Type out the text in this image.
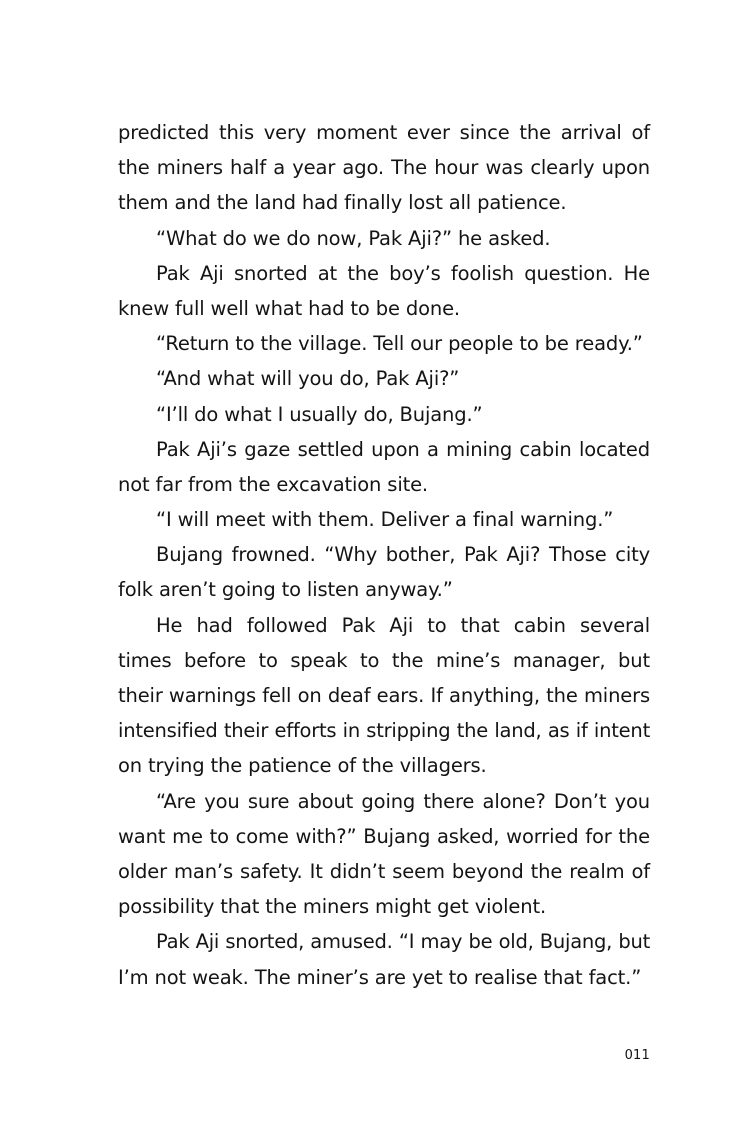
predicted this very moment ever since the arrival of
the miners half a year ago. The hour was clearly upon
them and the land had finally lost all patience.
“What do we do now, Pak Aji?” he asked.
Pak Aji snorted at the boy’s foolish question. He
knew full well what had to be done.
“Return to the village. Tell our people to be ready.”
“And what will you do, Pak Aji?”
“I’ll do what I usually do, Bujang.”
Pak Aji’s gaze settled upon a mining cabin located
not far from the excavation site.
“I will meet with them. Deliver a final warning.”
Bujang frowned. “Why bother, Pak Aji? Those city
folk aren’t going to listen anyway.”
He had followed Pak Aji to that cabin several
times before to speak to the mine’s manager, but
their warnings fell on deaf ears. If anything, the miners
intensified their efforts in stripping the land, as if intent
on trying the patience of the villagers.
“Are you sure about going there alone? Don’t you
want me to come with?” Bujang asked, worried for the
older man’s safety. It didn’t seem beyond the realm of
possibility that the miners might get violent.
Pak Aji snorted, amused. “I may be old, Bujang, but
I’m not weak. The miner’s are yet to realise that fact.”
011
